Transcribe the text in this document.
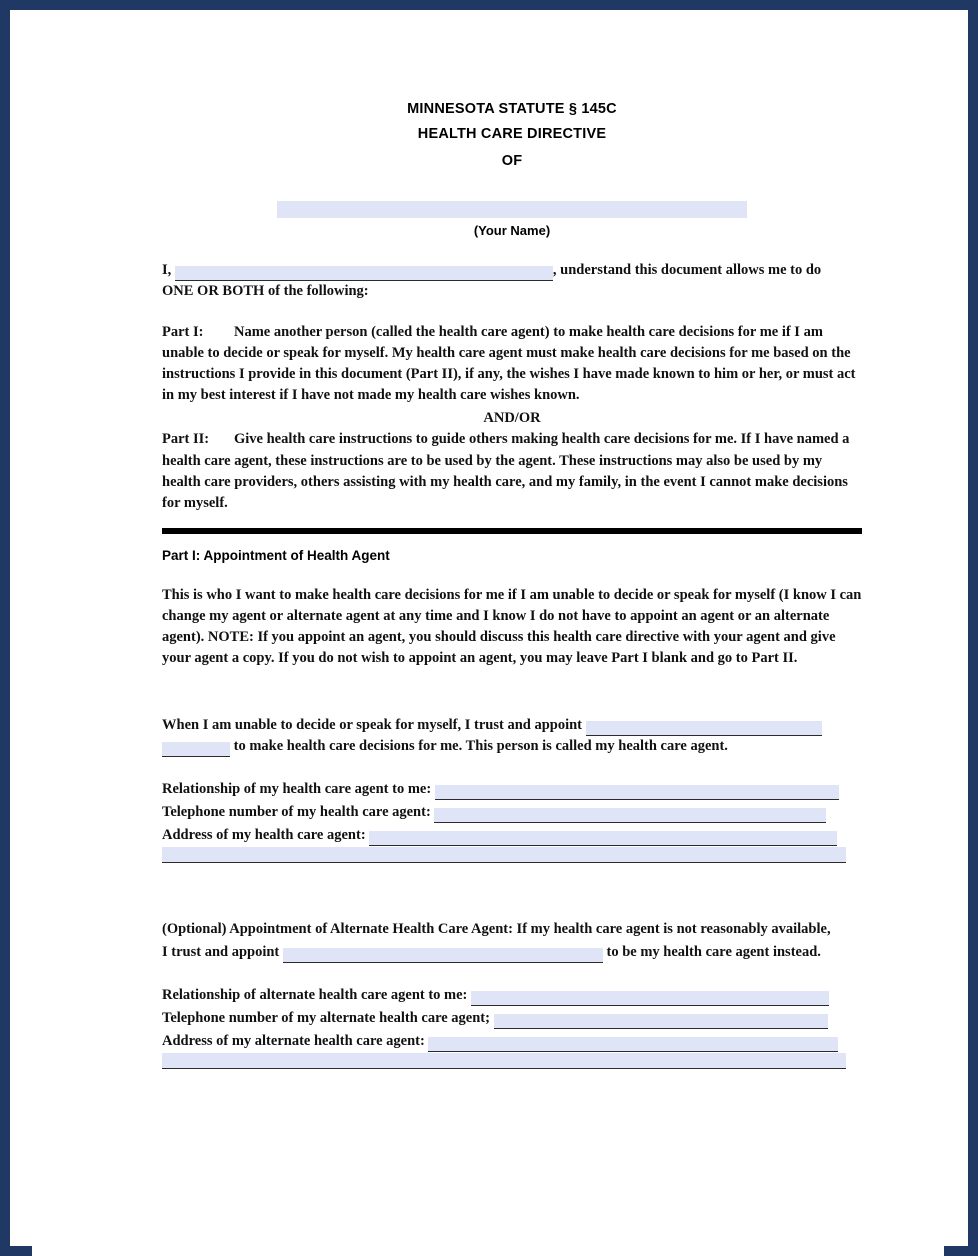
MINNESOTA STATUTE § 145C
HEALTH CARE DIRECTIVE
OF
(Your Name)
I,	, understand this document allows me to do
ONE OR BOTH of the following:
Part I: Name another person (called the health care agent) to make health care decisions for me if I am unable to decide or speak for myself. My health care agent must make health care decisions for me based on the instructions I provide in this document (Part II), if any, the wishes I have made known to him or her, or must act in my best interest if I have not made my health care wishes known.
AND/OR
Part II: Give health care instructions to guide others making health care decisions for me. If I have named a health care agent, these instructions are to be used by the agent. These instructions may also be used by my health care providers, others assisting with my health care, and my family, in the event I cannot make decisions for myself.
Part I: Appointment of Health Agent
This is who I want to make health care decisions for me if I am unable to decide or speak for myself (I know I can change my agent or alternate agent at any time and I know I do not have to appoint an agent or an alternate agent). NOTE: If you appoint an agent, you should discuss this health care directive with your agent and give your agent a copy. If you do not wish to appoint an agent, you may leave Part I blank and go to Part II.
When I am unable to decide or speak for myself, I trust and appoint
to make health care decisions for me. This person is called my health care agent.
Relationship of my health care agent to me:
Telephone number of my health care agent:
Address of my health care agent:
(Optional) Appointment of Alternate Health Care Agent: If my health care agent is not reasonably available,
I trust and appoint	to be my health care agent instead.
Relationship of alternate health care agent to me:
Telephone number of my alternate health care agent;
Address of my alternate health care agent:
